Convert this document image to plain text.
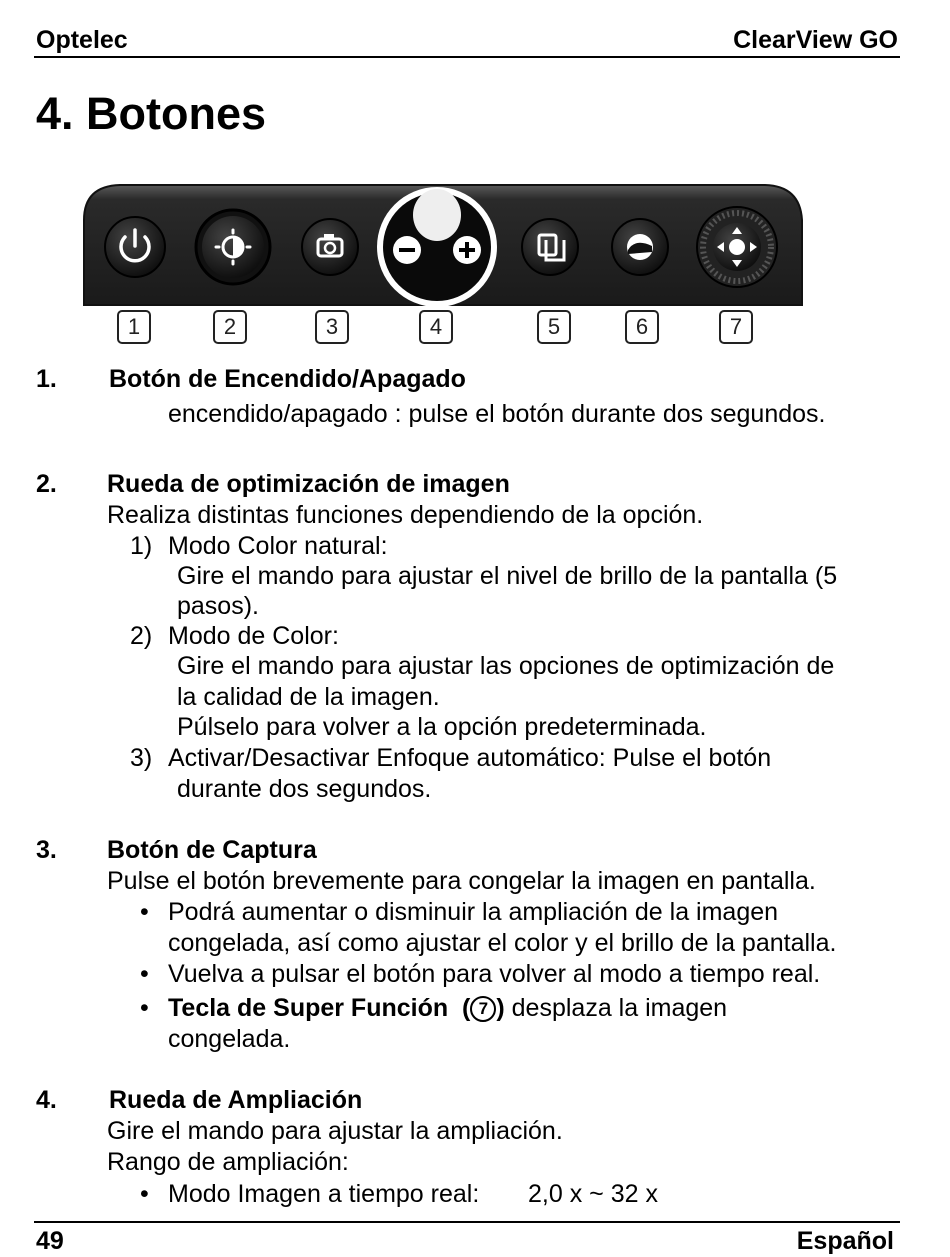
Optelec	ClearView GO
4. Botones
1	2	3	4	5	6	7
1. Botón de Encendido/Apagado
encendido/apagado : pulse el botón durante dos segundos.
2. Rueda de optimización de imagen
Realiza distintas funciones dependiendo de la opción.
1) Modo Color natural:
Gire el mando para ajustar el nivel de brillo de la pantalla (5
pasos).
2) Modo de Color:
Gire el mando para ajustar las opciones de optimización de
la calidad de la imagen.
Púlselo para volver a la opción predeterminada.
3) Activar/Desactivar Enfoque automático: Pulse el botón
durante dos segundos.
3. Botón de Captura
Pulse el botón brevemente para congelar la imagen en pantalla.
• Podrá aumentar o disminuir la ampliación de la imagen
congelada, así como ajustar el color y el brillo de la pantalla.
• Vuelva a pulsar el botón para volver al modo a tiempo real.
• Tecla de Super Función ( 7 ) desplaza la imagen
congelada.
4. Rueda de Ampliación
Gire el mando para ajustar la ampliación.
Rango de ampliación:
• Modo Imagen a tiempo real: 2,0 x ~ 32 x
49	Español
